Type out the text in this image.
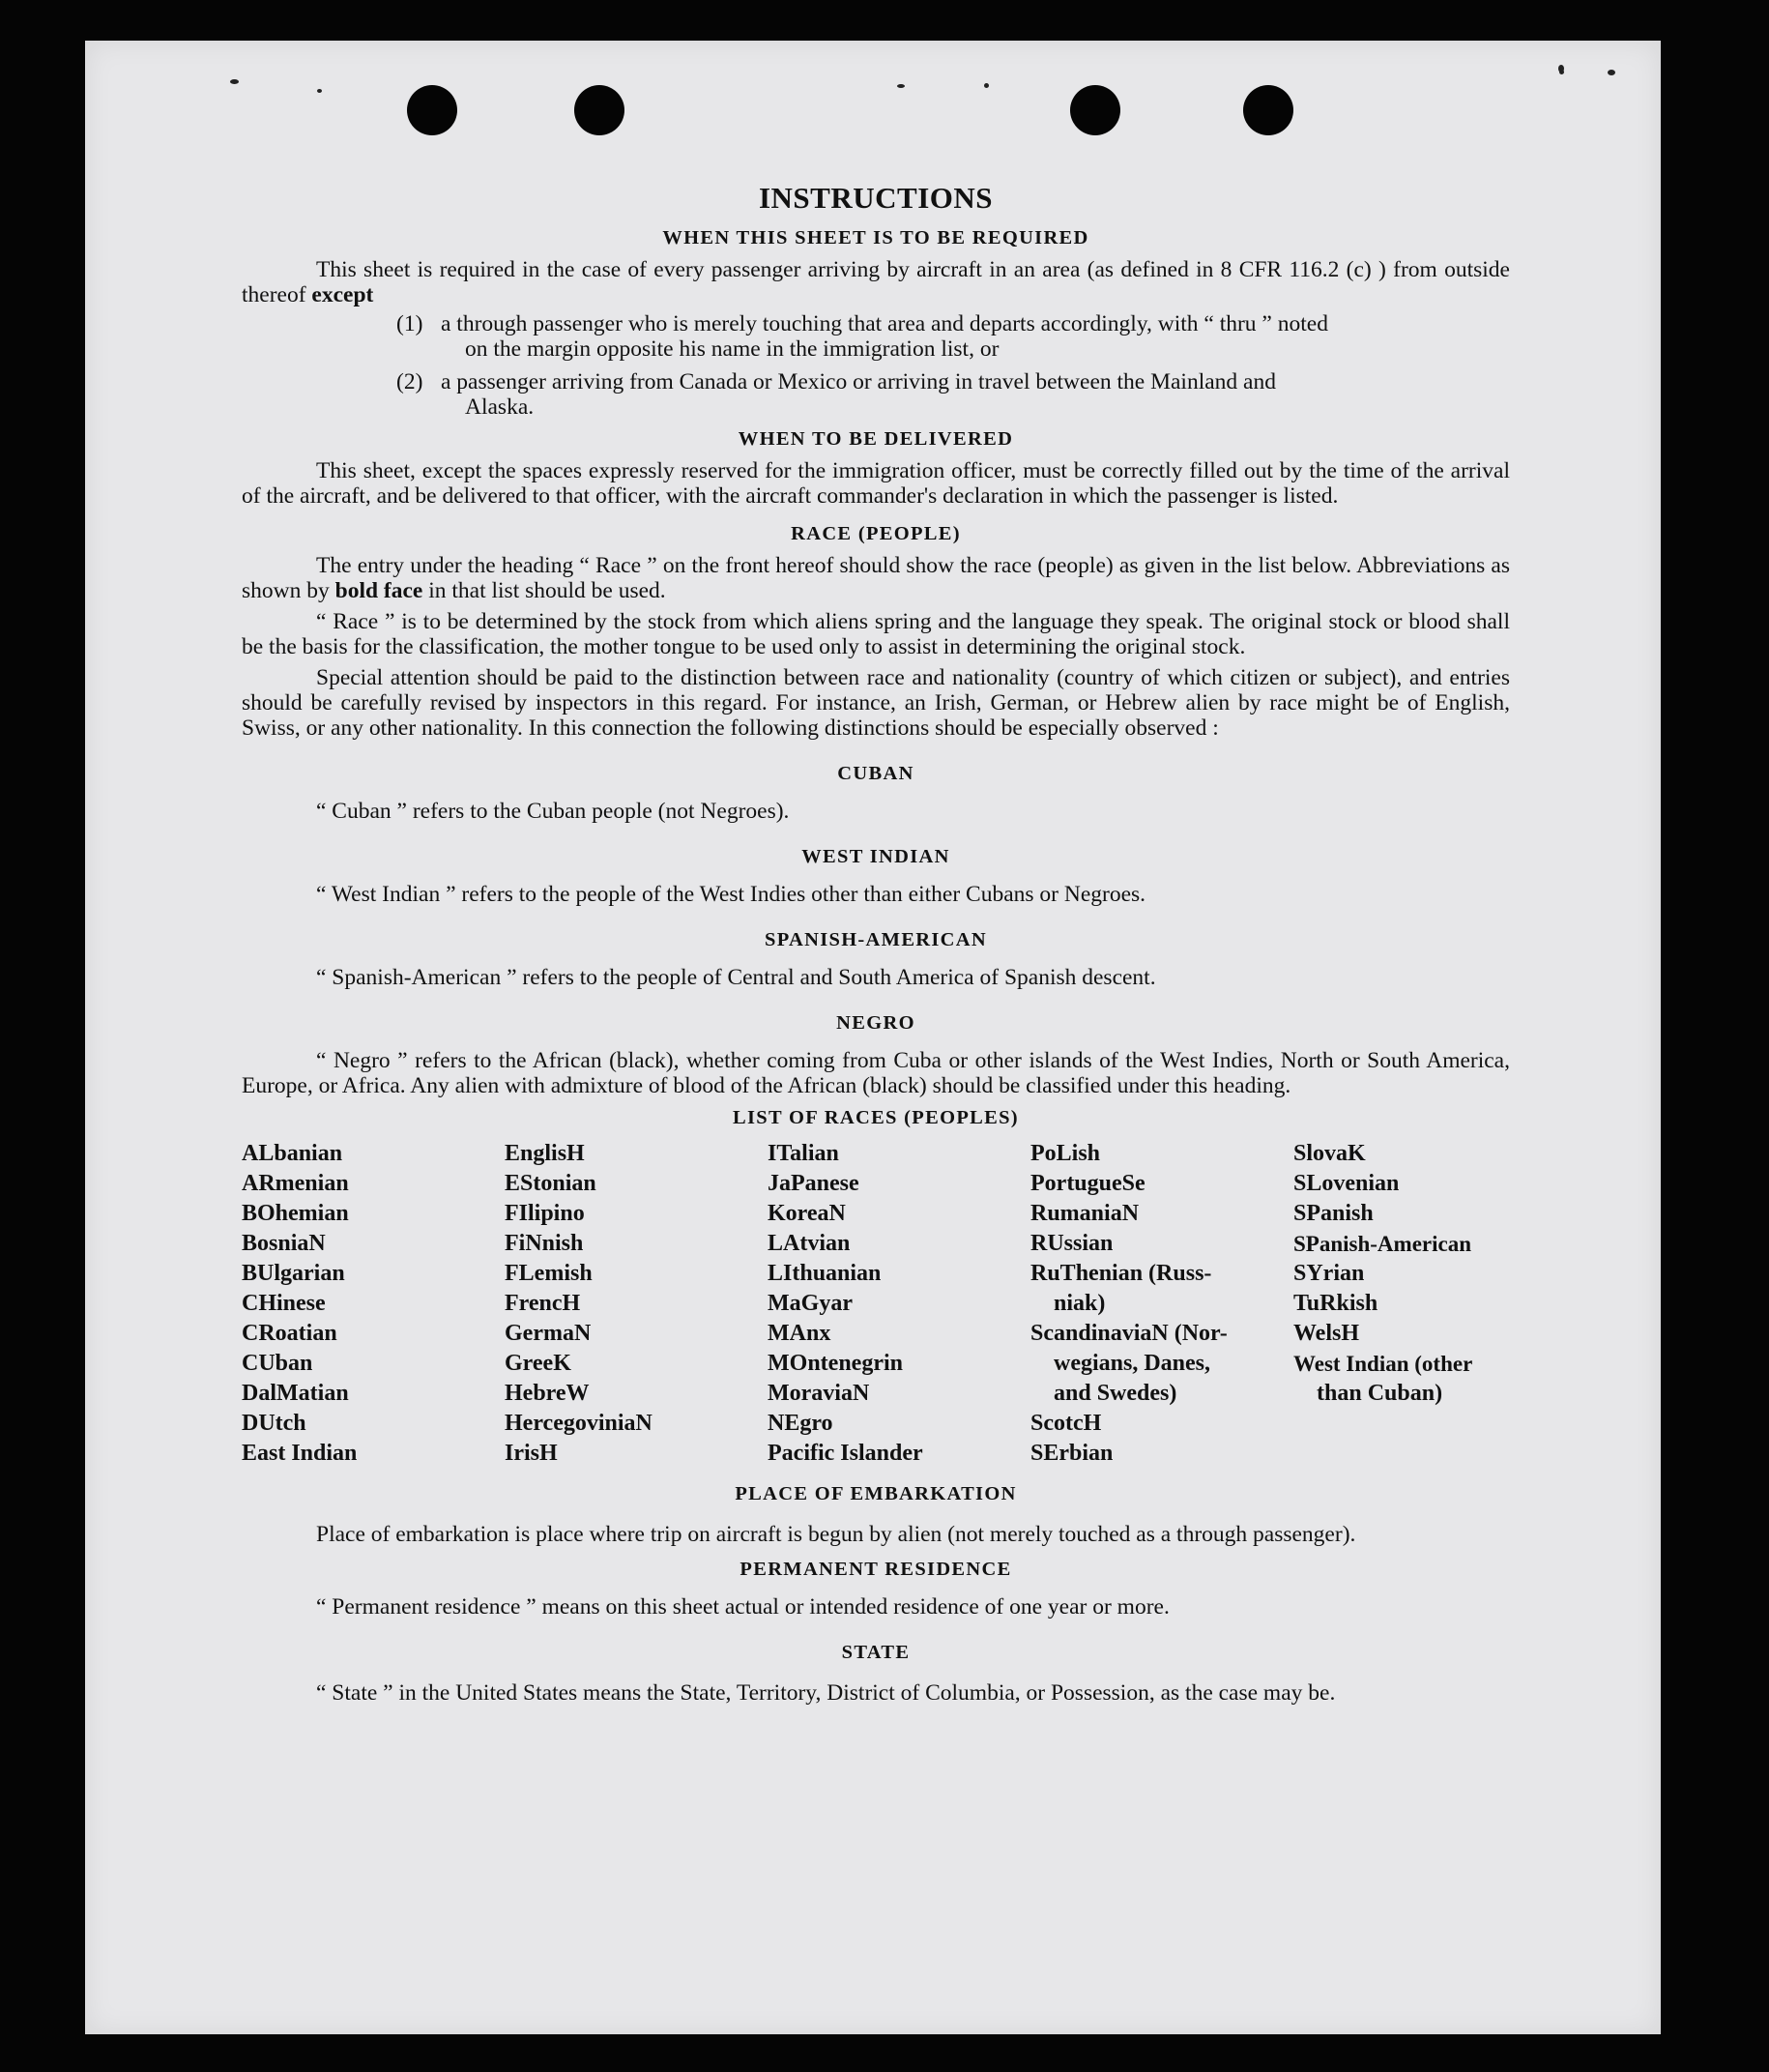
INSTRUCTIONS
WHEN THIS SHEET IS TO BE REQUIRED

This sheet is required in the case of every passenger arriving by aircraft in an area (as defined in 8 CFR 116.2 (c) ) from outside thereof except

(1) a through passenger who is merely touching that area and departs accordingly, with “ thru ” noted
on the margin opposite his name in the immigration list, or
(2) a passenger arriving from Canada or Mexico or arriving in travel between the Mainland and
Alaska.
WHEN TO BE DELIVERED

This sheet, except the spaces expressly reserved for the immigration officer, must be correctly filled out by the time of the arrival of the aircraft, and be delivered to that officer, with the aircraft commander's declaration in which the passenger is listed.

RACE (PEOPLE)

The entry under the heading “ Race ” on the front hereof should show the race (people) as given in the list below. Abbreviations as shown by bold face in that list should be used.

“ Race ” is to be determined by the stock from which aliens spring and the language they speak. The original stock or blood shall be the basis for the classification, the mother tongue to be used only to assist in determining the original stock.

Special attention should be paid to the distinction between race and nationality (country of which citizen or subject), and entries should be carefully revised by inspectors in this regard. For instance, an Irish, German, or Hebrew alien by race might be of English, Swiss, or any other nationality. In this connection the following distinctions should be especially observed :

CUBAN

“ Cuban ” refers to the Cuban people (not Negroes).

WEST INDIAN

“ West Indian ” refers to the people of the West Indies other than either Cubans or Negroes.

SPANISH-AMERICAN

“ Spanish-American ” refers to the people of Central and South America of Spanish descent.

NEGRO

“ Negro ” refers to the African (black), whether coming from Cuba or other islands of the West Indies, North or South America, Europe, or Africa. Any alien with admixture of blood of the African (black) should be classified under this heading.

LIST OF RACES (PEOPLES)
ALbanian
ARmenian
BOhemian
BosniaN
BUlgarian
CHinese
CRoatian
CUban
DalMatian
DUtch
East Indian
EnglisH
EStonian
FIlipino
FiNnish
FLemish
FrencH
GermaN
GreeK
HebreW
HercegoviniaN
IrisH
ITalian
JaPanese
KoreaN
LAtvian
LIthuanian
MaGyar
MAnx
MOntenegrin
MoraviaN
NEgro
Pacific Islander
PoLish
PortugueSe
RumaniaN
RUssian
RuThenian (Russ-
niak)
ScandinaviaN (Nor-
wegians, Danes,
and Swedes)
ScotcH
SErbian
SlovaK
SLovenian
SPanish
SPanish-American
SYrian
TuRkish
WelsH
West Indian (other
than Cuban)
PLACE OF EMBARKATION

Place of embarkation is place where trip on aircraft is begun by alien (not merely touched as a through passenger).

PERMANENT RESIDENCE

“ Permanent residence ” means on this sheet actual or intended residence of one year or more.

STATE

“ State ” in the United States means the State, Territory, District of Columbia, or Possession, as the case may be.
